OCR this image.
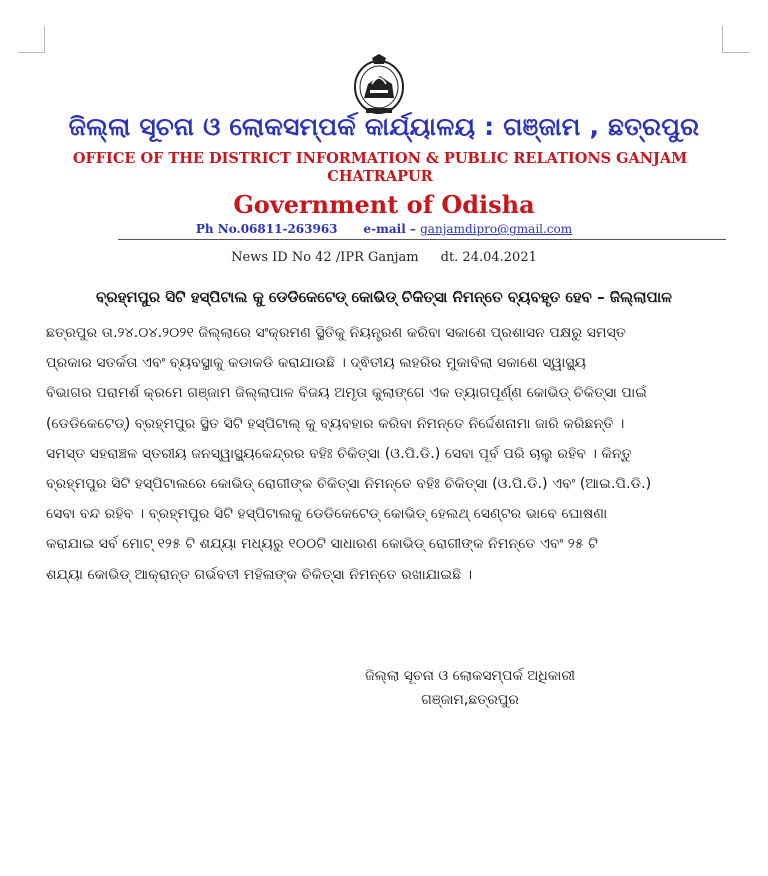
ଜିଲ୍ଲା ସୂଚନା ଓ ଲୋକସମ୍ପର୍କ କାର୍ଯ୍ୟାଳୟ : ଗଞ୍ଜାମ , ଛତ୍ରପୁର
OFFICE OF THE DISTRICT INFORMATION & PUBLIC RELATIONS GANJAM
CHATRAPUR
Government of Odisha
Ph No.06811-263963 e-mail – ganjamdipro@gmail.com
News ID No 42 /IPR Ganjam dt. 24.04.2021
ବ୍ରହ୍ମପୁର ସିଟି ହସ୍ପିଟାଲ କୁ ଡେଡିକେଟେଡ୍ କୋଭିଡ୍ ଚିକିତ୍ସା ନିମନ୍ତେ ବ୍ୟବହୃତ ହେବ – ଜିଲ୍ଲାପାଳ
ଛତ୍ରପୁର ତା.୨୪.୦୪.୨୦୨୧ ଜିଲ୍ଲାରେ ସଂକ୍ରମଣ ସ୍ଥିତିକୁ ନିୟନ୍ତ୍ରଣ କରିବା ସକାଶେ ପ୍ରଶାସନ ପକ୍ଷରୁ ସମସ୍ତ
ପ୍ରକାର ସତର୍କତା ଏବଂ ବ୍ୟବସ୍ଥାକୁ କଡାକଡି କରାଯାଉଛି । ଦ୍ଵିତୀୟ ଲହରିର ମୁକାବିଲା ସକାଶେ ସ୍ୱାସ୍ଥ୍ୟ
ବିଭାଗର ପରାମର୍ଶ କ୍ରମେ ଗଞ୍ଜାମ ଜିଲ୍ଲାପାଳ ବିଜୟ ଅମୃତା କୁଲାଙ୍ଗେ ଏକ ତ୍ୟାଗପୂର୍ଣ୍ଣ କୋଭିଡ୍ ଚିକିତ୍ସା ପାଇଁ
(ଡେଡିକେଟେଡ୍) ବ୍ରହ୍ମପୁର ସ୍ଥିତ ସିଟି ହସ୍ପିଟାଲ୍ କୁ ବ୍ୟବହାର କରିବା ନିମନ୍ତେ ନିର୍ଦ୍ଦେଶନାମା ଜାରି କରିଛନ୍ତି ।
ସମସ୍ତ ସହରାଞ୍ଚଳ ସ୍ତରୀୟ ଜନସ୍ୱାସ୍ଥ୍ୟକେନ୍ଦ୍ରର ବହିଃ ଚିକିତ୍ସା (ଓ.ପି.ଡି.) ସେବା ପୂର୍ବ ପରି ଚାଲୁ ରହିବ । କିନ୍ତୁ
ବ୍ରହ୍ମପୁର ସିଟି ହସ୍ପିଟାଲରେ କୋଭିଡ୍ ରୋଗୀଙ୍କ ଚିକିତ୍ସା ନିମନ୍ତେ ବହିଃ ଚିକିତ୍ସା (ଓ.ପି.ଡି.) ଏବଂ (ଆଇ.ପି.ଡି.)
ସେବା ବନ୍ଦ ରହିବ । ବ୍ରହ୍ମପୁର ସିଟି ହସ୍ପିଟାଲକୁ ଡେଡିକେଟେଡ୍ କୋଭିଡ୍ ହେଲଥ୍ ସେଣ୍ଟର ଭାବେ ଘୋଷଣା
କରାଯାଇ ସର୍ବ ମୋଟ୍ ୧୨୫ ଟି ଶଯ୍ୟା ମଧ୍ୟରୁ ୧୦୦ଟି ସାଧାରଣ କୋଭିଡ୍ ରୋଗୀଙ୍କ ନିମନ୍ତେ ଏବଂ ୨୫ ଟି
ଶଯ୍ୟା କୋଭିଡ୍ ଆକ୍ରାନ୍ତ ଗର୍ଭବତୀ ମହିଳାଙ୍କ ଚିକିତ୍ସା ନିମନ୍ତେ ରଖାଯାଇଛି ।
ଜିଲ୍ଲା ସୂଚନା ଓ ଲୋକସମ୍ପର୍କ ଅଧିକାରୀ
ଗଞ୍ଜାମ,ଛତ୍ରପୁର
